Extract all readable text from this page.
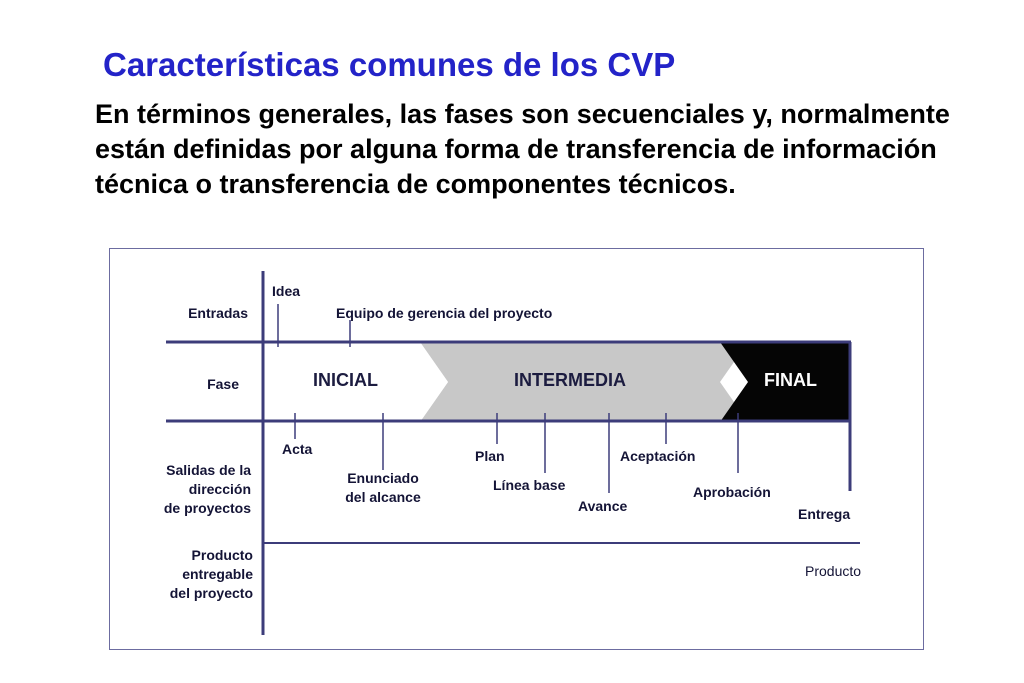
Características comunes de los CVP

En términos generales, las fases son secuenciales y, normalmente están definidas por alguna forma de transferencia de información técnica o transferencia de componentes técnicos.

Entradas
Fase
Salidas de la
dirección
de proyectos
Producto
entregable
del proyecto
Idea
Equipo de gerencia del proyecto
INICIAL	INTERMEDIA	FINAL
Acta
Enunciado
del alcance
Plan
Línea base
Avance
Aceptación
Aprobación
Entrega
Producto
